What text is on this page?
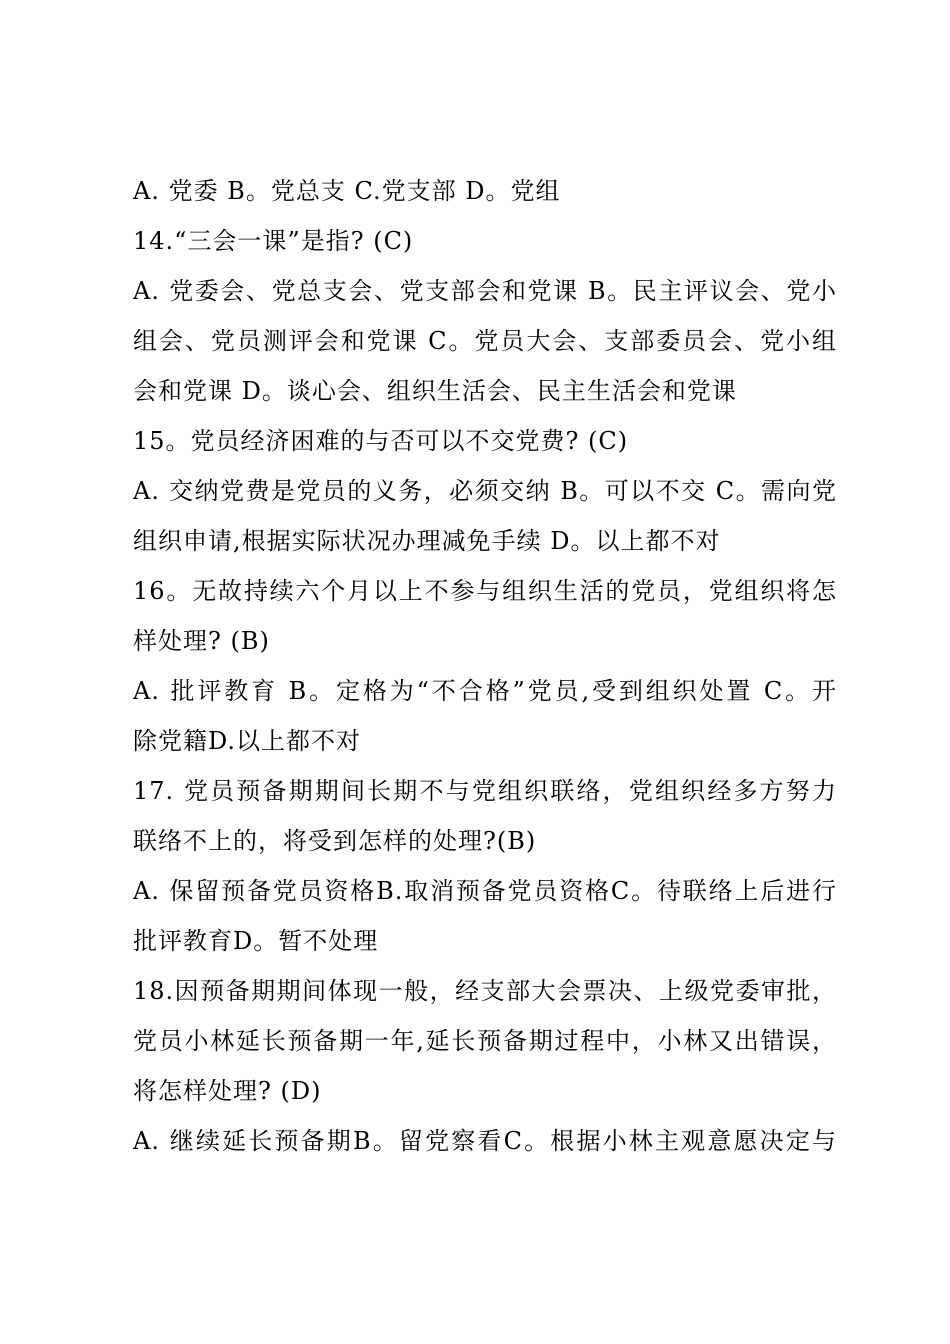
A. 党委 B。党总支 C.党支部 D。党组
14.“三会一课”是指? (C)
A. 党委会、党总支会、党支部会和党课 B。民主评议会、党小
组会、党员测评会和党课 C。党员大会、支部委员会、党小组
会和党课 D。谈心会、组织生活会、民主生活会和党课
15。党员经济困难的与否可以不交党费? (C)
A. 交纳党费是党员的义务，必须交纳 B。可以不交 C。需向党
组织申请,根据实际状况办理减免手续 D。以上都不对
16。无故持续六个月以上不参与组织生活的党员，党组织将怎
样处理? (B)
A. 批评教育 B。定格为“不合格”党员,受到组织处置 C。开
除党籍D.以上都不对
17. 党员预备期期间长期不与党组织联络，党组织经多方努力
联络不上的，将受到怎样的处理?(B)
A. 保留预备党员资格B.取消预备党员资格C。待联络上后进行
批评教育D。暂不处理
18.因预备期期间体现一般，经支部大会票决、上级党委审批，
党员小林延长预备期一年,延长预备期过程中，小林又出错误，
将怎样处理? (D)
A. 继续延长预备期B。留党察看C。根据小林主观意愿决定与
